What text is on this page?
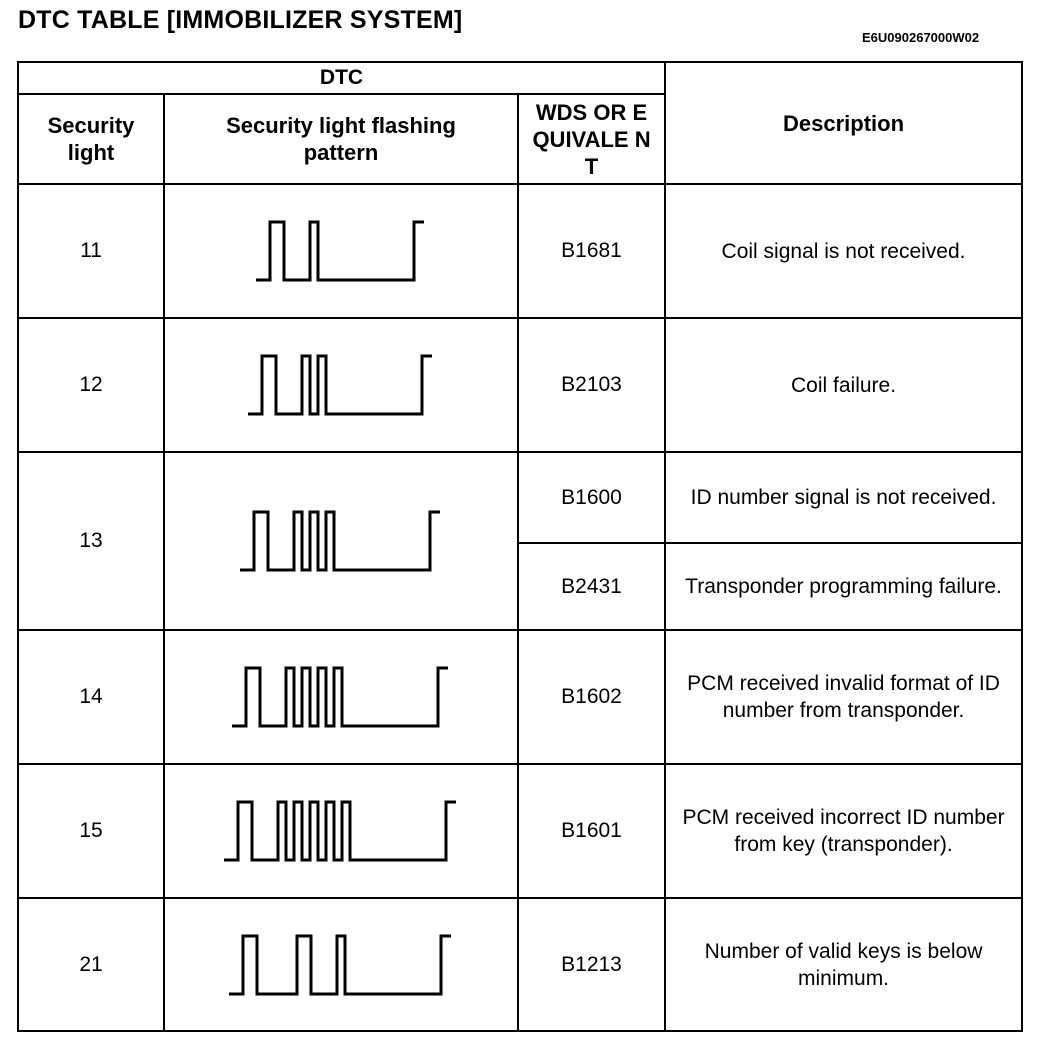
DTC TABLE [IMMOBILIZER SYSTEM]
E6U090267000W02
DTC			Description

Security light	Security light flashing pattern	WDS OR EQUIVALE NT	

11		B1681	Coil signal is not received.
12		B2103	Coil failure.
13		B1600	ID number signal is not received.
		B2431	Transponder programming failure.
14		B1602	PCM received invalid format of ID number from transponder.
15		B1601	PCM received incorrect ID number from key (transponder).
21		B1213	Number of valid keys is below minimum.
